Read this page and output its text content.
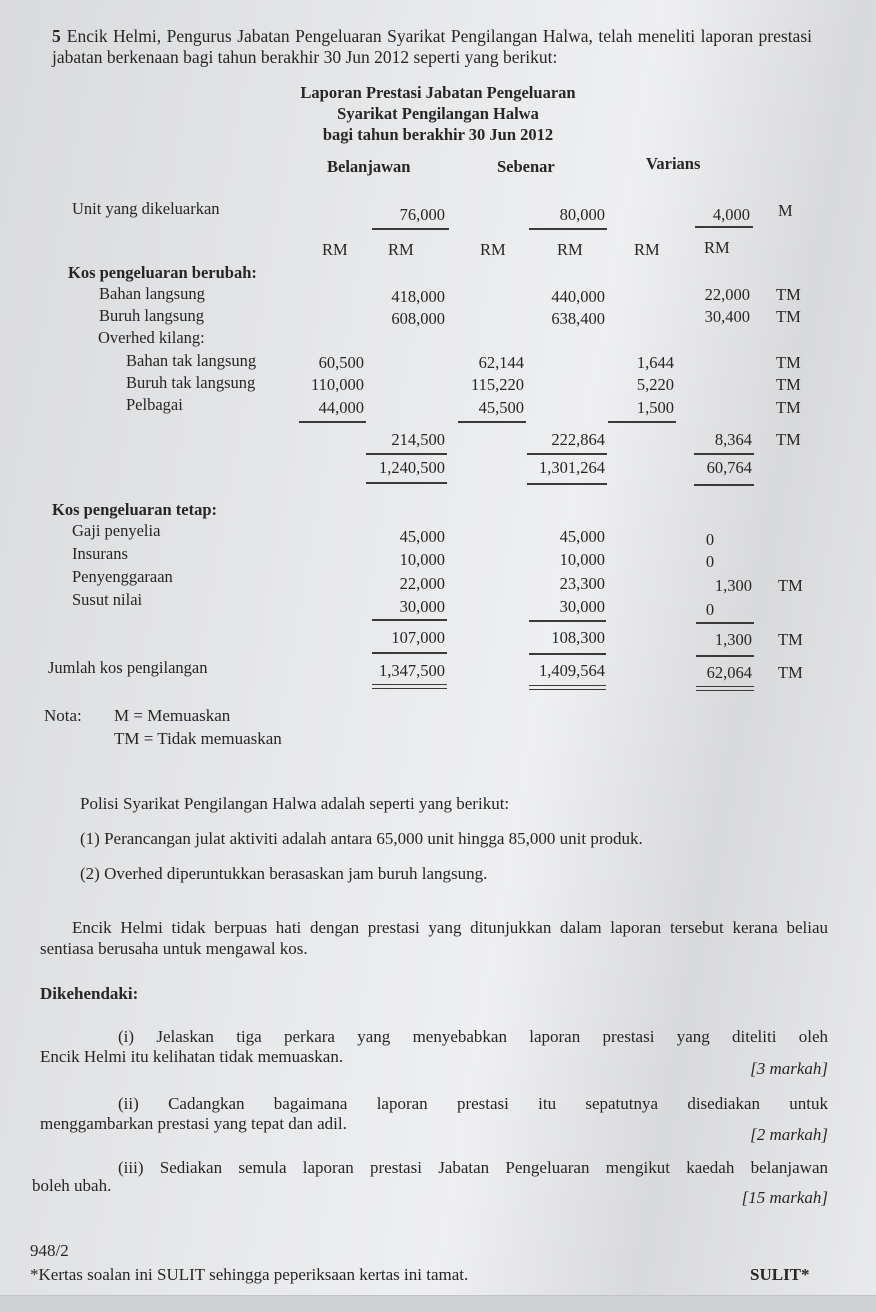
5 Encik Helmi, Pengurus Jabatan Pengeluaran Syarikat Pengilangan Halwa, telah meneliti laporan prestasi jabatan berkenaan bagi tahun berakhir 30 Jun 2012 seperti yang berikut:
Laporan Prestasi Jabatan Pengeluaran
Syarikat Pengilangan Halwa
bagi tahun berakhir 30 Jun 2012
Belanjawan	Sebenar	Varians
Unit yang dikeluarkan	76,000	80,000	4,000 M
RM RM	RM	RM	RM	RM
Kos pengeluaran berubah:
Bahan langsung	418,000	440,000	22,000 TM
Buruh langsung	608,000	638,400	30,400 TM
Overhed kilang:
Bahan tak langsung	60,500	62,144	1,644	TM
Buruh tak langsung	110,000	115,220	5,220	TM
Pelbagai	44,000	45,500	1,500	TM
214,500	222,864	8,364 TM
1,240,500	1,301,264	60,764
Kos pengeluaran tetap:
Gaji penyelia	45,000	45,000	0
Insurans	10,000	10,000	0
Penyenggaraan	22,000	23,300	1,300 TM
Susut nilai	30,000	30,000	0
107,000	108,300	1,300 TM
Jumlah kos pengilangan	1,347,500	1,409,564	62,064 TM
Nota: M = Memuaskan
TM = Tidak memuaskan
Polisi Syarikat Pengilangan Halwa adalah seperti yang berikut:
(1) Perancangan julat aktiviti adalah antara 65,000 unit hingga 85,000 unit produk.
(2) Overhed diperuntukkan berasaskan jam buruh langsung.
Encik Helmi tidak berpuas hati dengan prestasi yang ditunjukkan dalam laporan tersebut kerana beliau sentiasa berusaha untuk mengawal kos.
Dikehendaki:
(i) Jelaskan tiga perkara yang menyebabkan laporan prestasi yang diteliti oleh
Encik Helmi itu kelihatan tidak memuaskan.
[3 markah]
(ii) Cadangkan bagaimana laporan prestasi itu sepatutnya disediakan untuk
menggambarkan prestasi yang tepat dan adil.
[2 markah]
(iii) Sediakan semula laporan prestasi Jabatan Pengeluaran mengikut kaedah belanjawan
boleh ubah.
[15 markah]
948/2
*Kertas soalan ini SULIT sehingga peperiksaan kertas ini tamat.	SULIT*
